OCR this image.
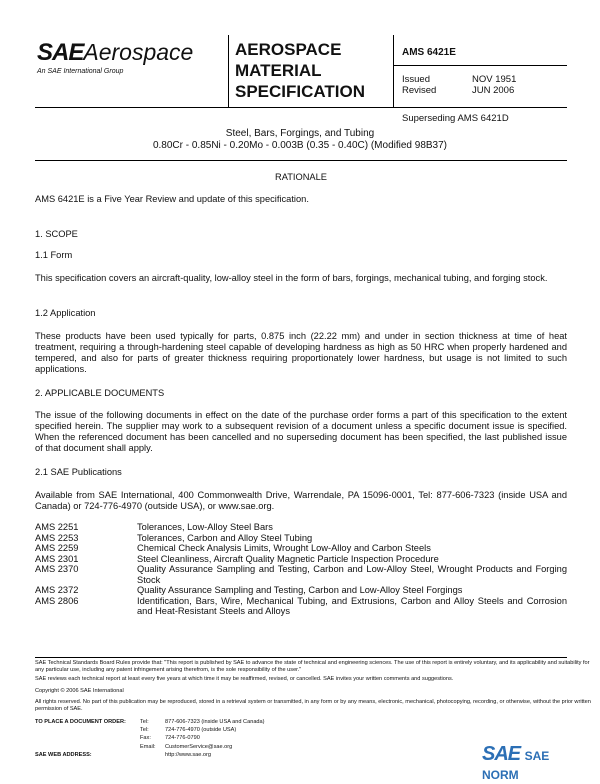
SAEAerospace
An SAE International Group
AEROSPACE
MATERIAL
SPECIFICATION
AMS 6421E
Issued	NOV 1951
Revised	JUN 2006
Superseding AMS 6421D
Steel, Bars, Forgings, and Tubing
0.80Cr - 0.85Ni - 0.20Mo - 0.003B (0.35 - 0.40C) (Modified 98B37)
RATIONALE
AMS 6421E is a Five Year Review and update of this specification.
1. SCOPE
1.1 Form
This specification covers an aircraft-quality, low-alloy steel in the form of bars, forgings, mechanical tubing, and forging stock.
1.2 Application
These products have been used typically for parts, 0.875 inch (22.22 mm) and under in section thickness at time of heat treatment, requiring a through-hardening steel capable of developing hardness as high as 50 HRC when properly hardened and tempered, and also for parts of greater thickness requiring proportionately lower hardness, but usage is not limited to such applications.
2. APPLICABLE DOCUMENTS
The issue of the following documents in effect on the date of the purchase order forms a part of this specification to the extent specified herein. The supplier may work to a subsequent revision of a document unless a specific document issue is specified. When the referenced document has been cancelled and no superseding document has been specified, the last published issue of that document shall apply.
2.1 SAE Publications
Available from SAE International, 400 Commonwealth Drive, Warrendale, PA 15096-0001, Tel: 877-606-7323 (inside USA and Canada) or 724-776-4970 (outside USA), or www.sae.org.
AMS 2251	Tolerances, Low-Alloy Steel Bars
AMS 2253	Tolerances, Carbon and Alloy Steel Tubing
AMS 2259	Chemical Check Analysis Limits, Wrought Low-Alloy and Carbon Steels
AMS 2301	Steel Cleanliness, Aircraft Quality Magnetic Particle Inspection Procedure
AMS 2370	Quality Assurance Sampling and Testing, Carbon and Low-Alloy Steel, Wrought Products and Forging Stock
AMS 2372	Quality Assurance Sampling and Testing, Carbon and Low-Alloy Steel Forgings
AMS 2806	Identification, Bars, Wire, Mechanical Tubing, and Extrusions, Carbon and Alloy Steels and Corrosion and Heat-Resistant Steels and Alloys
SAE Technical Standards Board Rules provide that: "This report is published by SAE to advance the state of technical and engineering sciences. The use of this report is entirely voluntary, and its applicability and suitability for any particular use, including any patent infringement arising therefrom, is the sole responsibility of the user."
SAE reviews each technical report at least every five years at which time it may be reaffirmed, revised, or cancelled. SAE invites your written comments and suggestions.
Copyright © 2006 SAE International
All rights reserved. No part of this publication may be reproduced, stored in a retrieval system or transmitted, in any form or by any means, electronic, mechanical, photocopying, recording, or otherwise, without the prior written permission of SAE.
TO PLACE A DOCUMENT ORDER:	Tel:	877-606-7323 (inside USA and Canada)
Tel:	724-776-4970 (outside USA)
Fax:	724-776-0790
Email:	CustomerService@sae.org
SAE WEB ADDRESS:	http://www.sae.org	SAE SAE NORM
